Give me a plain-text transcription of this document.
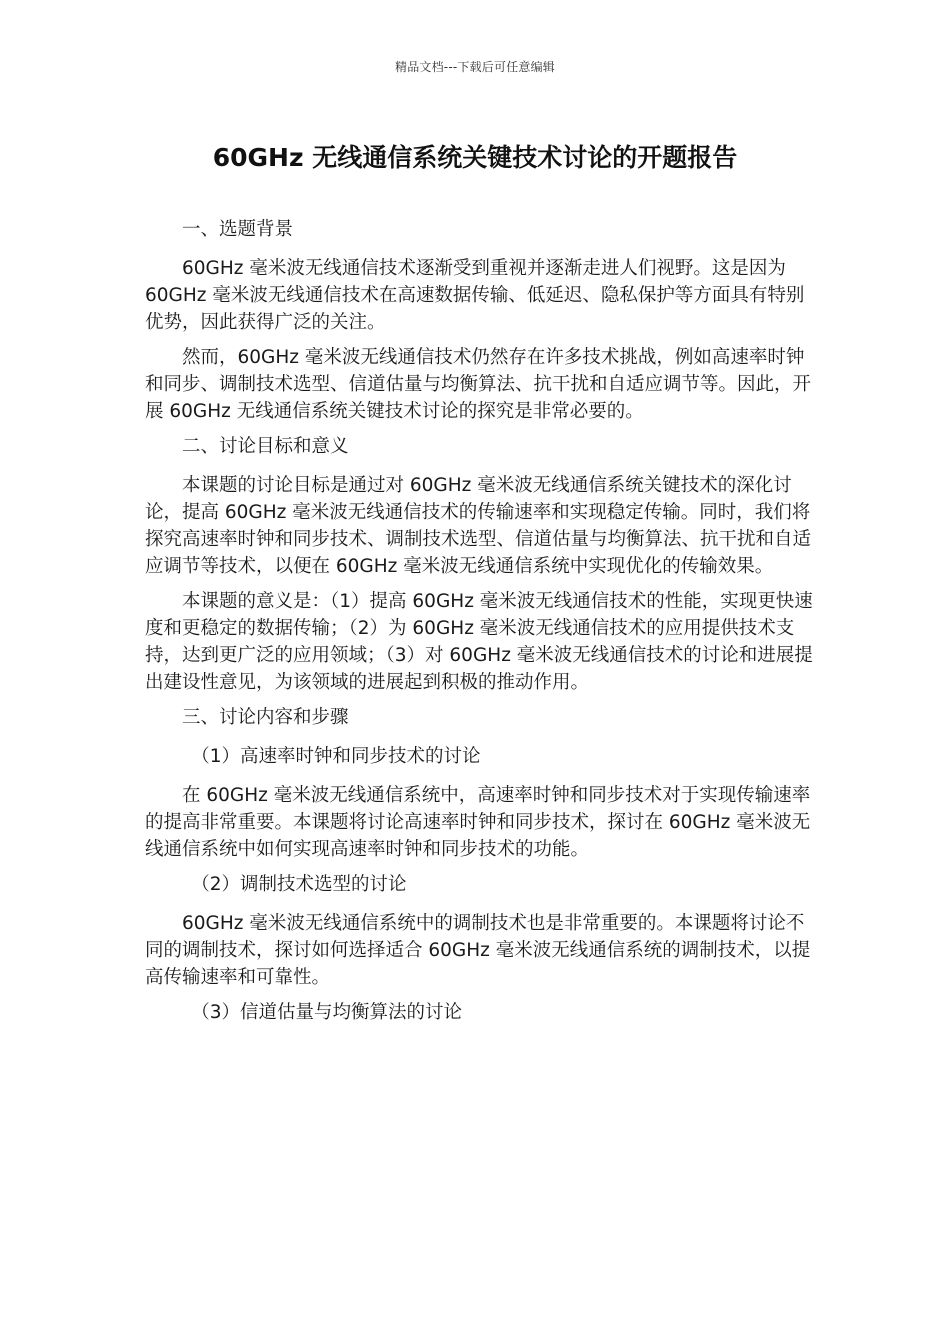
精品文档---下载后可任意编辑
60GHz 无线通信系统关键技术讨论的开题报告

一、选题背景

60GHz 毫米波无线通信技术逐渐受到重视并逐渐走进人们视野。这是因为 60GHz 毫米波无线通信技术在高速数据传输、低延迟、隐私保护等方面具有特别优势，因此获得广泛的关注。

然而，60GHz 毫米波无线通信技术仍然存在许多技术挑战，例如高速率时钟和同步、调制技术选型、信道估量与均衡算法、抗干扰和自适应调节等。因此，开展 60GHz 无线通信系统关键技术讨论的探究是非常必要的。

二、讨论目标和意义

本课题的讨论目标是通过对 60GHz 毫米波无线通信系统关键技术的深化讨论，提高 60GHz 毫米波无线通信技术的传输速率和实现稳定传输。同时，我们将探究高速率时钟和同步技术、调制技术选型、信道估量与均衡算法、抗干扰和自适应调节等技术，以便在 60GHz 毫米波无线通信系统中实现优化的传输效果。

本课题的意义是：（1）提高 60GHz 毫米波无线通信技术的性能，实现更快速度和更稳定的数据传输；（2）为 60GHz 毫米波无线通信技术的应用提供技术支持，达到更广泛的应用领域；（3）对 60GHz 毫米波无线通信技术的讨论和进展提出建设性意见，为该领域的进展起到积极的推动作用。

三、讨论内容和步骤

（1）高速率时钟和同步技术的讨论

在 60GHz 毫米波无线通信系统中，高速率时钟和同步技术对于实现传输速率的提高非常重要。本课题将讨论高速率时钟和同步技术，探讨在 60GHz 毫米波无线通信系统中如何实现高速率时钟和同步技术的功能。

（2）调制技术选型的讨论

60GHz 毫米波无线通信系统中的调制技术也是非常重要的。本课题将讨论不同的调制技术，探讨如何选择适合 60GHz 毫米波无线通信系统的调制技术，以提高传输速率和可靠性。

（3）信道估量与均衡算法的讨论
